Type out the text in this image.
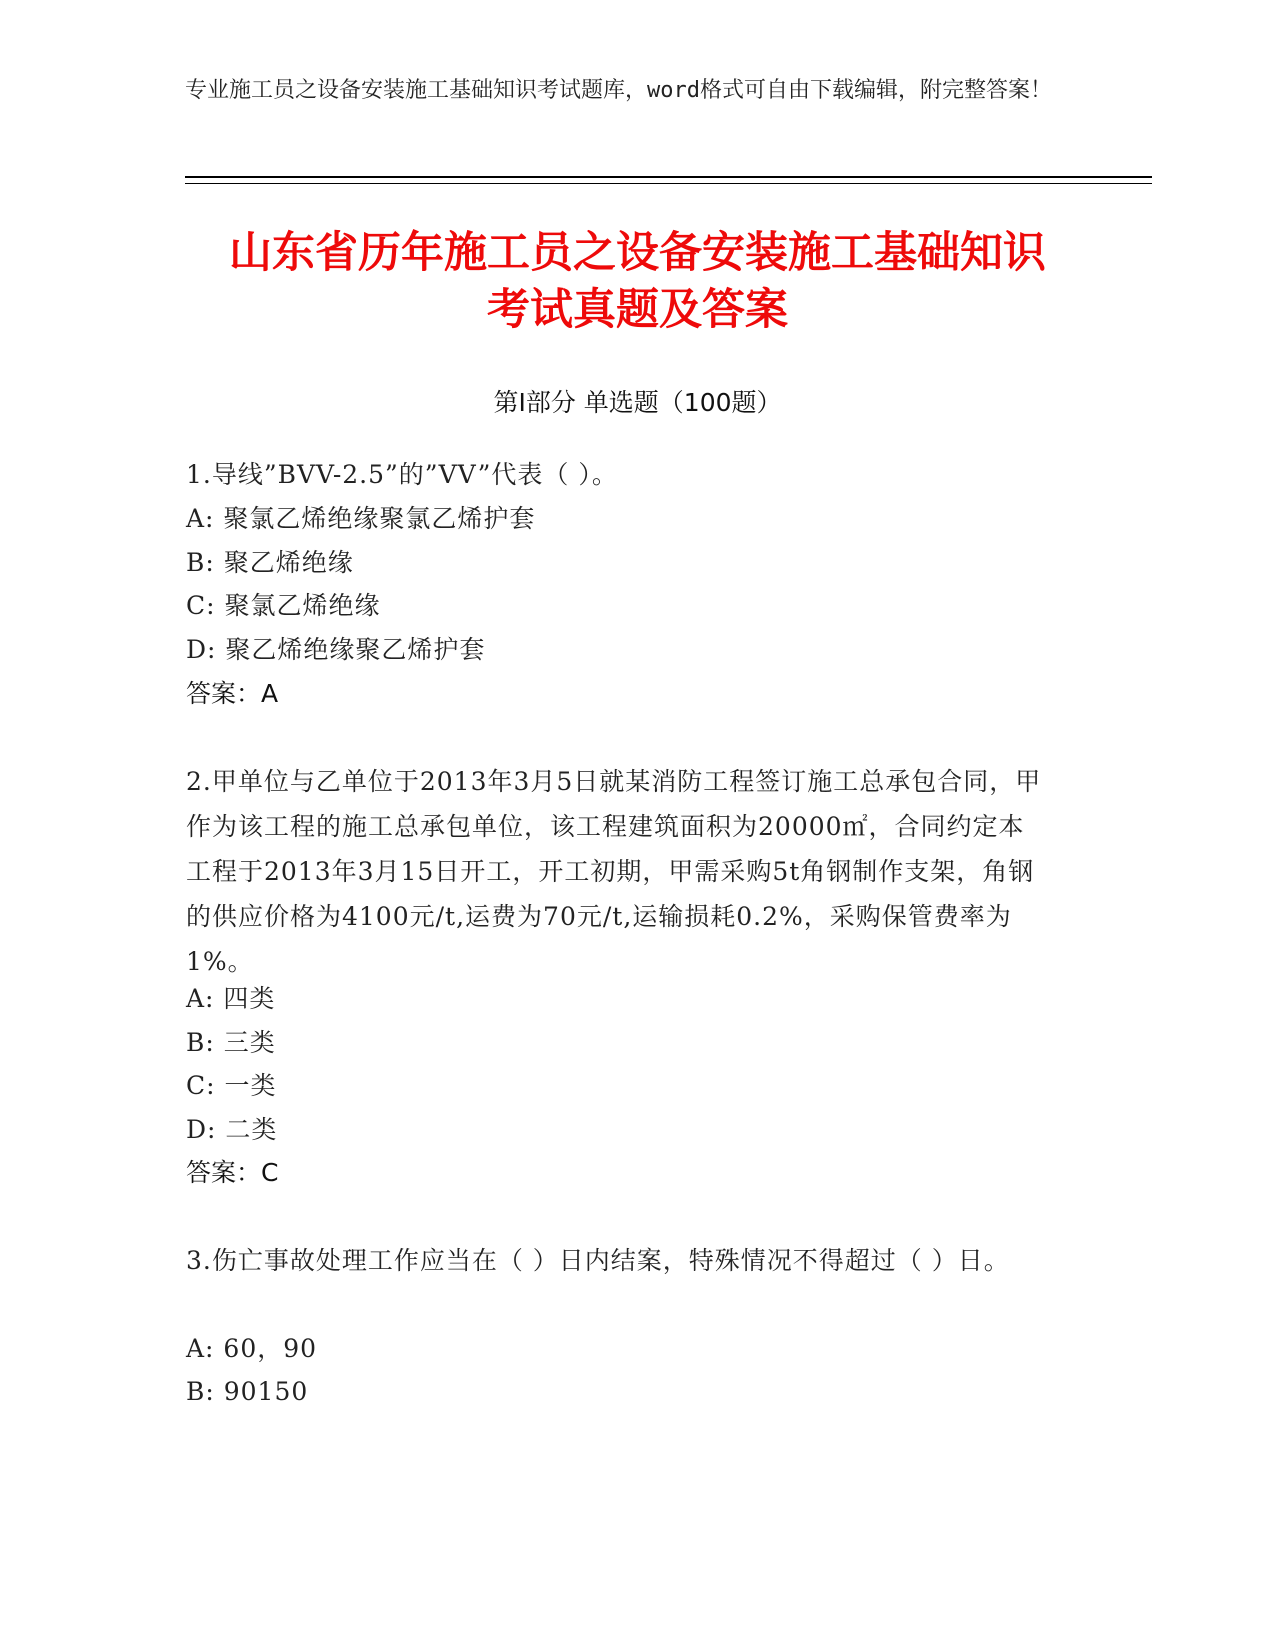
专业施工员之设备安装施工基础知识考试题库，word格式可自由下载编辑，附完整答案！
山东省历年施工员之设备安装施工基础知识
考试真题及答案
第Ⅰ部分 单选题（100题）
1.导线”BVV-2.5”的”VV”代表（ ）。
A: 聚氯乙烯绝缘聚氯乙烯护套
B: 聚乙烯绝缘
C: 聚氯乙烯绝缘
D: 聚乙烯绝缘聚乙烯护套
答案：A
2.甲单位与乙单位于2013年3月5日就某消防工程签订施工总承包合同，甲作为该工程的施工总承包单位，该工程建筑面积为20000㎡，合同约定本工程于2013年3月15日开工，开工初期，甲需采购5t角钢制作支架，角钢的供应价格为4100元/t,运费为70元/t,运输损耗0.2%，采购保管费率为1%。
A: 四类
B: 三类
C: 一类
D: 二类
答案：C
3.伤亡事故处理工作应当在（ ）日内结案，特殊情况不得超过（ ）日。
A: 60，90
B: 90150
